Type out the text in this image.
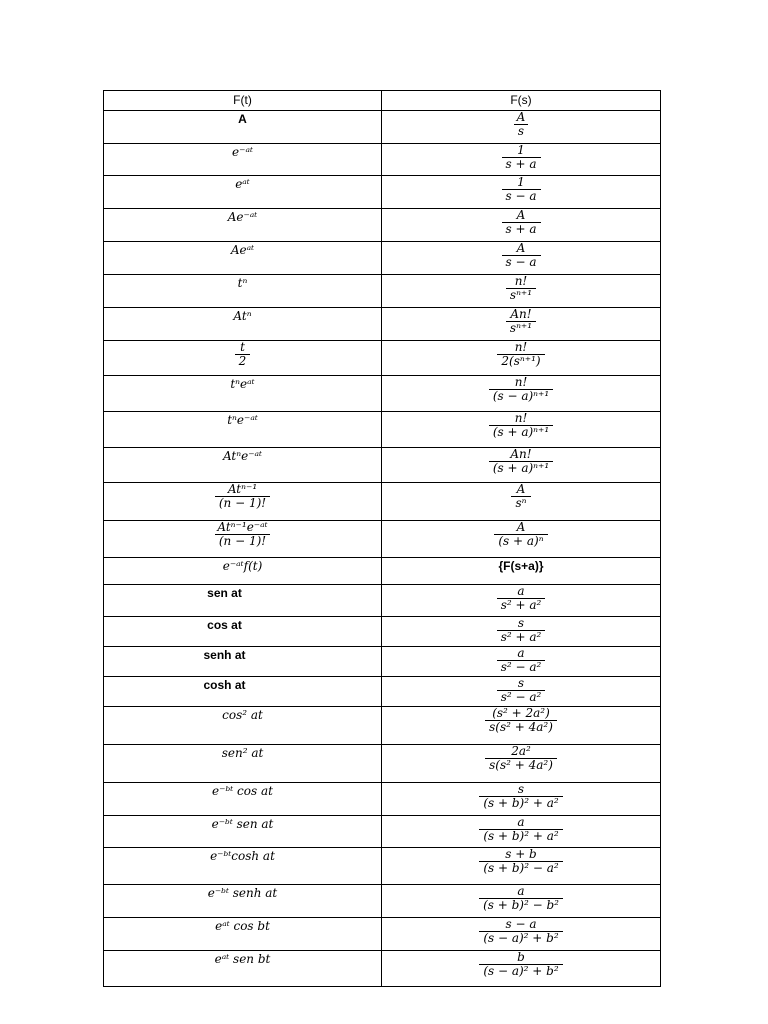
F(t)	F(s)

A	$\frac{A}{s}$

e⁻ᵃᵗ	$\frac{1}{s + a}$

eᵃᵗ	$\frac{1}{s - a}$

Ae⁻ᵃᵗ	$\frac{A}{s + a}$

Aeᵃᵗ	$\frac{A}{s - a}$

tⁿ	$\frac{n!}{\text{sⁿ⁺¹}}$

Atⁿ	$\frac{An!}{\text{sⁿ⁺¹}}$

$\frac{t}{2}$	$\frac{n!}{\text{2(sⁿ⁺¹)}}$

tⁿeᵃᵗ	$\frac{n!}{\text{(s − a)ⁿ⁺¹}}$

tⁿe⁻ᵃᵗ	$\frac{n!}{\text{(s + a)ⁿ⁺¹}}$

Atⁿe⁻ᵃᵗ	$\frac{An!}{\text{(s + a)ⁿ⁺¹}}$

$\frac{\text{Atⁿ⁻¹}}{(n - 1)!}$	$\frac{A}{\text{sⁿ}}$

$\frac{\text{Atⁿ⁻¹e⁻ᵃᵗ}}{(n - 1)!}$	$\frac{A}{\text{(s + a)ⁿ}}$

e⁻ᵃᵗf(t)	{F(s+a)}

sen at	$\frac{a}{\text{s² + a²}}$

cos at	$\frac{s}{\text{s² + a²}}$

senh at	$\frac{a}{\text{s² − a²}}$

cosh at	$\frac{s}{\text{s² − a²}}$

cos² at	$\frac{\text{(s² + 2a²)}}{\text{s(s² + 4a²)}}$

sen² at	$\frac{\text{2a²}}{\text{s(s² + 4a²)}}$

e⁻ᵇᵗ cos at	$\frac{s}{\text{(s + b)² + a²}}$

e⁻ᵇᵗ sen at	$\frac{a}{\text{(s + b)² + a²}}$

e⁻ᵇᵗcosh at	$\frac{s + b}{\text{(s + b)² − a²}}$

e⁻ᵇᵗ senh at	$\frac{a}{\text{(s + b)² − b²}}$

eᵃᵗ cos bt	$\frac{s - a}{\text{(s − a)² + b²}}$

eᵃᵗ sen bt	$\frac{b}{\text{(s − a)² + b²}}$
